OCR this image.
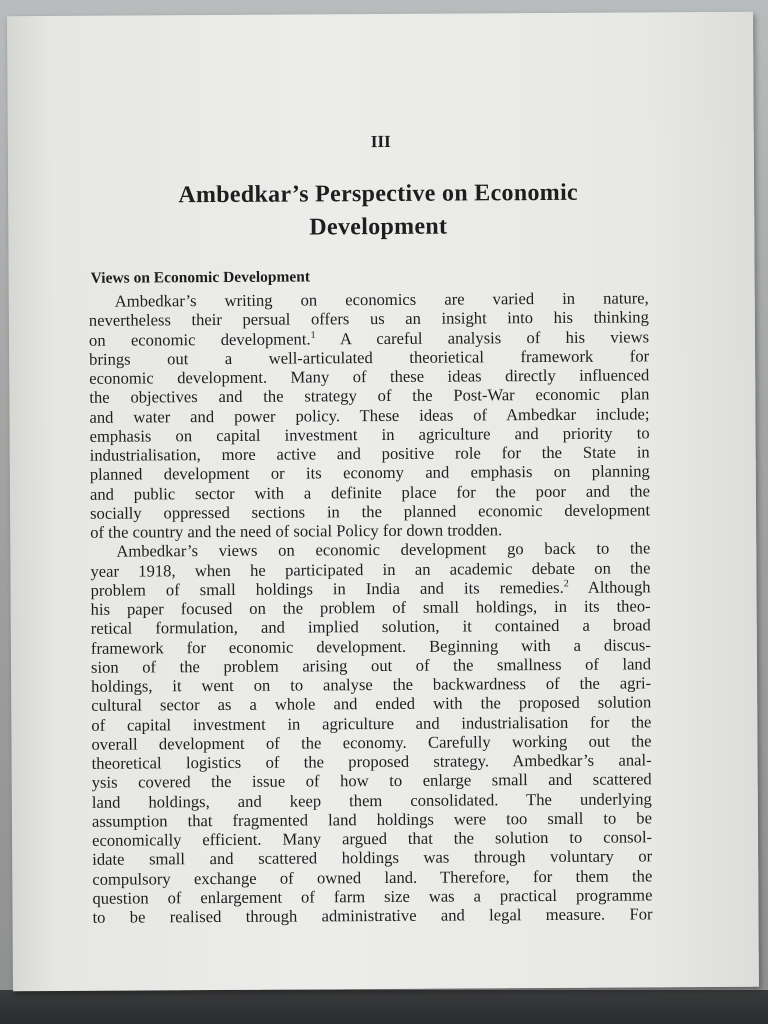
III
Ambedkar’s Perspective on Economic
Development
Views on Economic Development
Ambedkar’s writing on economics are varied in nature,
nevertheless their persual offers us an insight into his thinking
on economic development.$^1$ A careful analysis of his views
brings out a well-articulated theorietical framework for
economic development. Many of these ideas directly influenced
the objectives and the strategy of the Post-War economic plan
and water and power policy. These ideas of Ambedkar include;
emphasis on capital investment in agriculture and priority to
industrialisation, more active and positive role for the State in
planned development or its economy and emphasis on planning
and public sector with a definite place for the poor and the
socially oppressed sections in the planned economic development
of the country and the need of social Policy for down trodden.
Ambedkar’s views on economic development go back to the
year 1918, when he participated in an academic debate on the
problem of small holdings in India and its remedies.$^2$ Although
his paper focused on the problem of small holdings, in its theo-
retical formulation, and implied solution, it contained a broad
framework for economic development. Beginning with a discus-
sion of the problem arising out of the smallness of land
holdings, it went on to analyse the backwardness of the agri-
cultural sector as a whole and ended with the proposed solution
of capital investment in agriculture and industrialisation for the
overall development of the economy. Carefully working out the
theoretical logistics of the proposed strategy. Ambedkar’s anal-
ysis covered the issue of how to enlarge small and scattered
land holdings, and keep them consolidated. The underlying
assumption that fragmented land holdings were too small to be
economically efficient. Many argued that the solution to consol-
idate small and scattered holdings was through voluntary or
compulsory exchange of owned land. Therefore, for them the
question of enlargement of farm size was a practical programme
to be realised through administrative and legal measure. For
